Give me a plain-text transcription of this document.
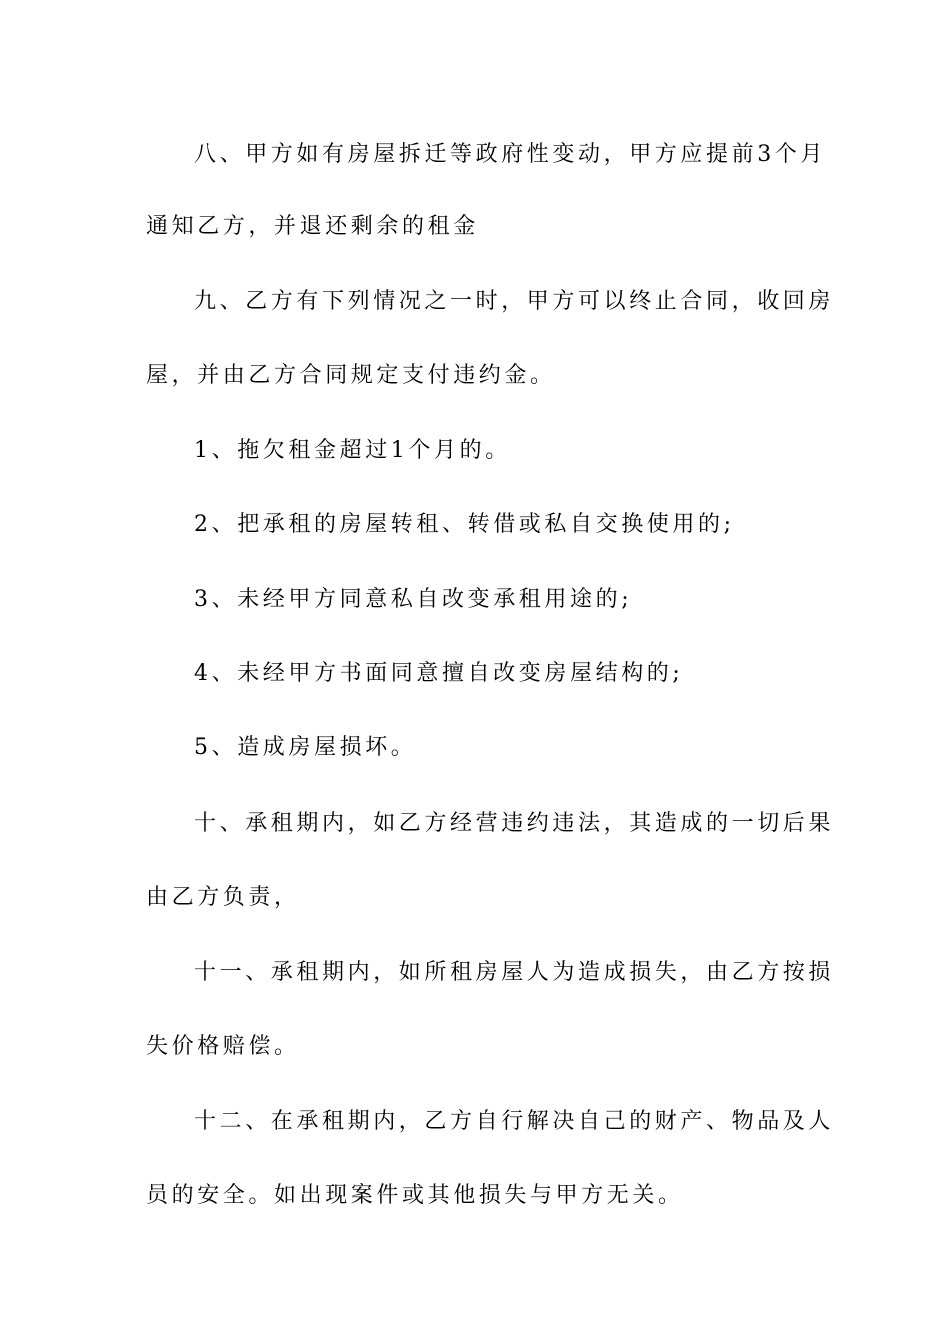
八、甲方如有房屋拆迁等政府性变动，甲方应提前3个月
通知乙方，并退还剩余的租金
九、乙方有下列情况之一时，甲方可以终止合同，收回房
屋，并由乙方合同规定支付违约金。
1、拖欠租金超过1个月的。
2、把承租的房屋转租、转借或私自交换使用的;
3、未经甲方同意私自改变承租用途的;
4、未经甲方书面同意擅自改变房屋结构的;
5、造成房屋损坏。
十、承租期内，如乙方经营违约违法，其造成的一切后果
由乙方负责，
十一、承租期内，如所租房屋人为造成损失，由乙方按损
失价格赔偿。
十二、在承租期内，乙方自行解决自己的财产、物品及人
员的安全。如出现案件或其他损失与甲方无关。
